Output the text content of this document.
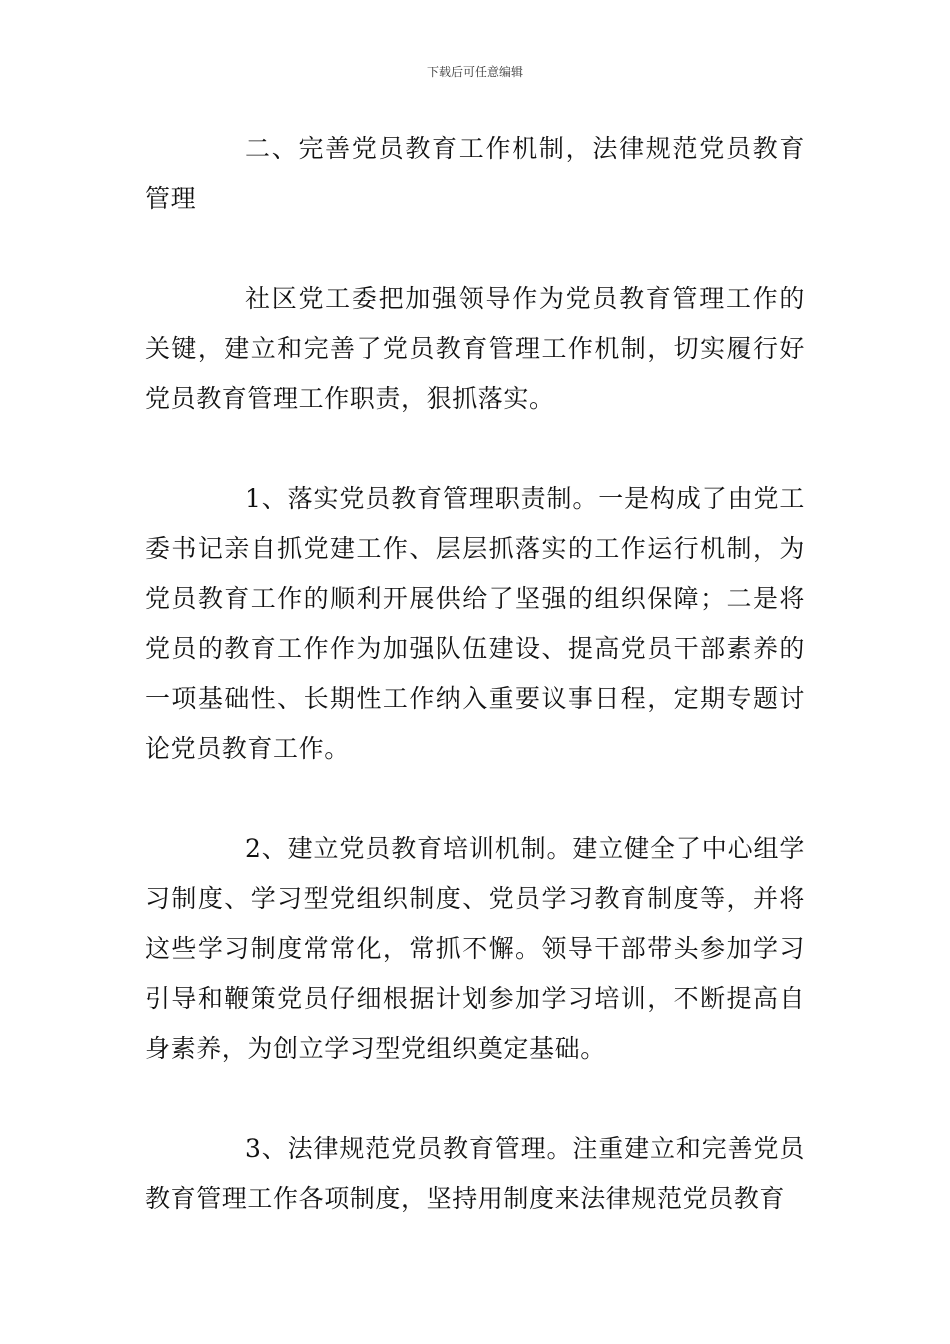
下载后可任意编辑

二、完善党员教育工作机制，法律规范党员教育管理

社区党工委把加强领导作为党员教育管理工作的关键，建立和完善了党员教育管理工作机制，切实履行好党员教育管理工作职责，狠抓落实。

1、落实党员教育管理职责制。一是构成了由党工委书记亲自抓党建工作、层层抓落实的工作运行机制，为党员教育工作的顺利开展供给了坚强的组织保障；二是将党员的教育工作作为加强队伍建设、提高党员干部素养的一项基础性、长期性工作纳入重要议事日程，定期专题讨论党员教育工作。

2、建立党员教育培训机制。建立健全了中心组学习制度、学习型党组织制度、党员学习教育制度等，并将这些学习制度常常化，常抓不懈。领导干部带头参加学习引导和鞭策党员仔细根据计划参加学习培训，不断提高自身素养，为创立学习型党组织奠定基础。

3、法律规范党员教育管理。注重建立和完善党员教育管理工作各项制度，坚持用制度来法律规范党员教育
